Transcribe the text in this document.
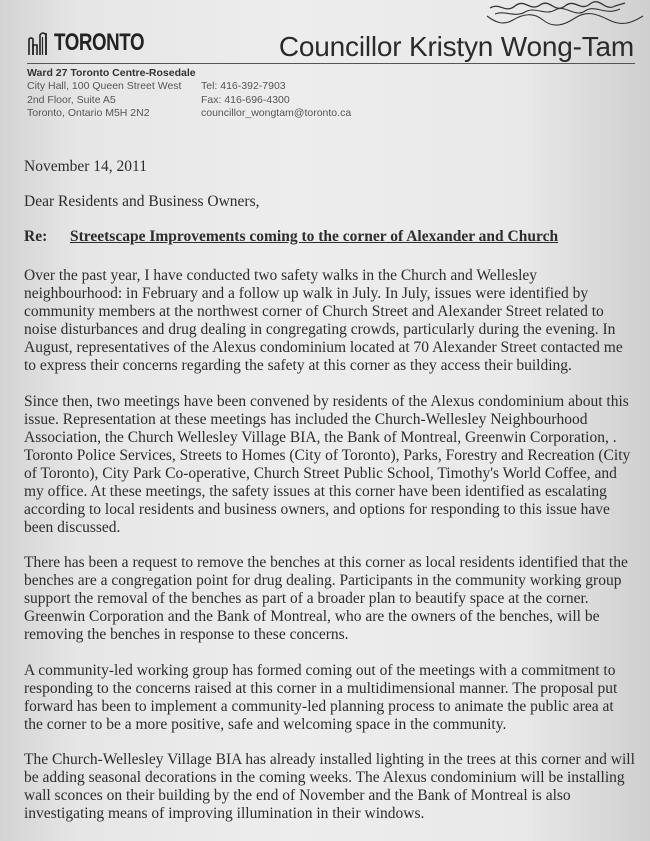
TORONTO	Councillor Kristyn Wong-Tam
Ward 27 Toronto Centre-Rosedale
City Hall, 100 Queen Street West
2nd Floor, Suite A5
Toronto, Ontario M5H 2N2
Tel: 416-392-7903
Fax: 416-696-4300
councillor_wongtam@toronto.ca

November 14, 2011

Dear Residents and Business Owners,

Re: Streetscape Improvements coming to the corner of Alexander and Church

Over the past year, I have conducted two safety walks in the Church and Wellesley neighbourhood: in February and a follow up walk in July. In July, issues were identified by community members at the northwest corner of Church Street and Alexander Street related to noise disturbances and drug dealing in congregating crowds, particularly during the evening. In August, representatives of the Alexus condominium located at 70 Alexander Street contacted me to express their concerns regarding the safety at this corner as they access their building.

Since then, two meetings have been convened by residents of the Alexus condominium about this issue. Representation at these meetings has included the Church-Wellesley Neighbourhood Association, the Church Wellesley Village BIA, the Bank of Montreal, Greenwin Corporation, . Toronto Police Services, Streets to Homes (City of Toronto), Parks, Forestry and Recreation (City of Toronto), City Park Co-operative, Church Street Public School, Timothy's World Coffee, and my office. At these meetings, the safety issues at this corner have been identified as escalating according to local residents and business owners, and options for responding to this issue have been discussed.

There has been a request to remove the benches at this corner as local residents identified that the benches are a congregation point for drug dealing. Participants in the community working group support the removal of the benches as part of a broader plan to beautify space at the corner. Greenwin Corporation and the Bank of Montreal, who are the owners of the benches, will be removing the benches in response to these concerns.

A community-led working group has formed coming out of the meetings with a commitment to responding to the concerns raised at this corner in a multidimensional manner. The proposal put forward has been to implement a community-led planning process to animate the public area at the corner to be a more positive, safe and welcoming space in the community.

The Church-Wellesley Village BIA has already installed lighting in the trees at this corner and will be adding seasonal decorations in the coming weeks. The Alexus condominium will be installing wall sconces on their building by the end of November and the Bank of Montreal is also investigating means of improving illumination in their windows.
